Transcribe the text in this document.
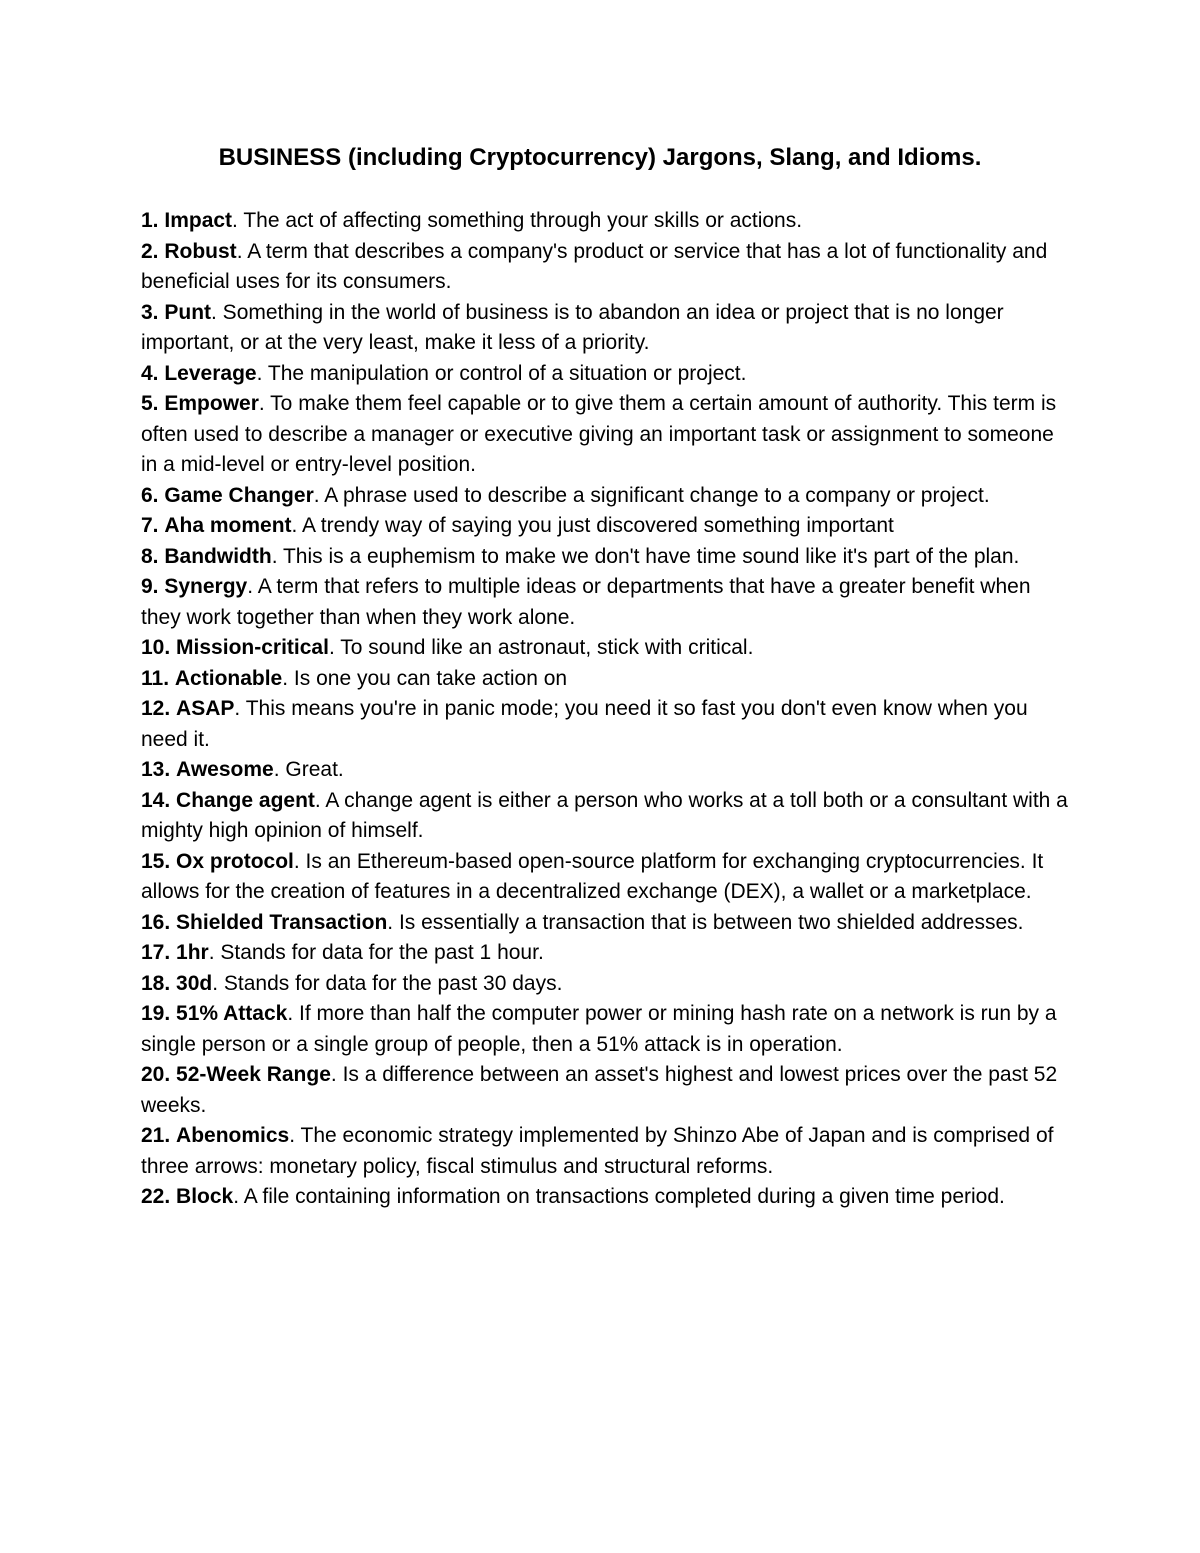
BUSINESS (including Cryptocurrency) Jargons, Slang, and Idioms.
1. Impact. The act of affecting something through your skills or actions.
2. Robust. A term that describes a company's product or service that has a lot of functionality and beneficial uses for its consumers.
3. Punt. Something in the world of business is to abandon an idea or project that is no longer important, or at the very least, make it less of a priority.
4. Leverage. The manipulation or control of a situation or project.
5. Empower. To make them feel capable or to give them a certain amount of authority. This term is often used to describe a manager or executive giving an important task or assignment to someone in a mid-level or entry-level position.
6. Game Changer. A phrase used to describe a significant change to a company or project.
7. Aha moment. A trendy way of saying you just discovered something important
8. Bandwidth. This is a euphemism to make we don't have time sound like it's part of the plan.
9. Synergy. A term that refers to multiple ideas or departments that have a greater benefit when they work together than when they work alone.
10. Mission-critical. To sound like an astronaut, stick with critical.
11. Actionable. Is one you can take action on
12. ASAP. This means you're in panic mode; you need it so fast you don't even know when you need it.
13. Awesome. Great.
14. Change agent. A change agent is either a person who works at a toll both or a consultant with a mighty high opinion of himself.
15. Ox protocol. Is an Ethereum-based open-source platform for exchanging cryptocurrencies. It allows for the creation of features in a decentralized exchange (DEX), a wallet or a marketplace.
16. Shielded Transaction. Is essentially a transaction that is between two shielded addresses.
17. 1hr. Stands for data for the past 1 hour.
18. 30d. Stands for data for the past 30 days.
19. 51% Attack. If more than half the computer power or mining hash rate on a network is run by a single person or a single group of people, then a 51% attack is in operation.
20. 52-Week Range. Is a difference between an asset's highest and lowest prices over the past 52 weeks.
21. Abenomics. The economic strategy implemented by Shinzo Abe of Japan and is comprised of three arrows: monetary policy, fiscal stimulus and structural reforms.
22. Block. A file containing information on transactions completed during a given time period.
